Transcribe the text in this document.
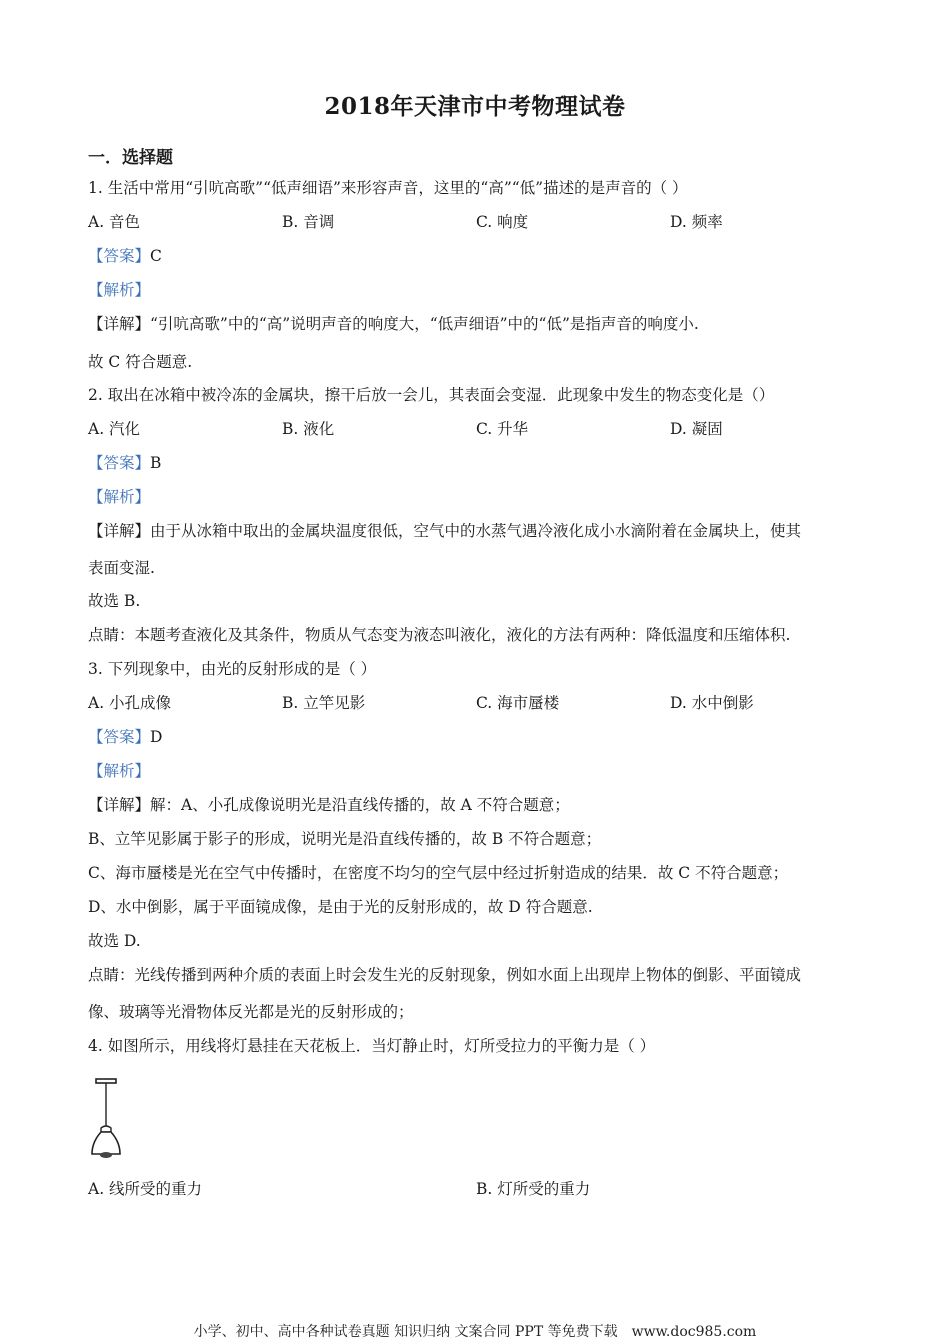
2018年天津市中考物理试卷
一．选择题
1. 生活中常用“引吭高歌”“低声细语”来形容声音，这里的“高”“低”描述的是声音的（ ）
A. 音色	B. 音调	C. 响度	D. 频率
【答案】C
【解析】
【详解】“引吭高歌”中的“高”说明声音的响度大，“低声细语”中的“低”是指声音的响度小.
故 C 符合题意.
2. 取出在冰箱中被冷冻的金属块，擦干后放一会儿，其表面会变湿．此现象中发生的物态变化是（）
A. 汽化	B. 液化	C. 升华	D. 凝固
【答案】B
【解析】
【详解】由于从冰箱中取出的金属块温度很低，空气中的水蒸气遇冷液化成小水滴附着在金属块上，使其
表面变湿.
故选 B.
点睛：本题考查液化及其条件，物质从气态变为液态叫液化，液化的方法有两种：降低温度和压缩体积.
3. 下列现象中，由光的反射形成的是（ ）
A. 小孔成像	B. 立竿见影	C. 海市蜃楼	D. 水中倒影
【答案】D
【解析】
【详解】解：A、小孔成像说明光是沿直线传播的，故 A 不符合题意；
B、立竿见影属于影子的形成，说明光是沿直线传播的，故 B 不符合题意；
C、海市蜃楼是光在空气中传播时，在密度不均匀的空气层中经过折射造成的结果．故 C 不符合题意；
D、水中倒影，属于平面镜成像，是由于光的反射形成的，故 D 符合题意.
故选 D.
点睛：光线传播到两种介质的表面上时会发生光的反射现象，例如水面上出现岸上物体的倒影、平面镜成
像、玻璃等光滑物体反光都是光的反射形成的；
4. 如图所示，用线将灯悬挂在天花板上．当灯静止时，灯所受拉力的平衡力是（ ）
A. 线所受的重力	B. 灯所受的重力
小学、初中、高中各种试卷真题 知识归纳 文案合同 PPT 等免费下载　www.doc985.com
